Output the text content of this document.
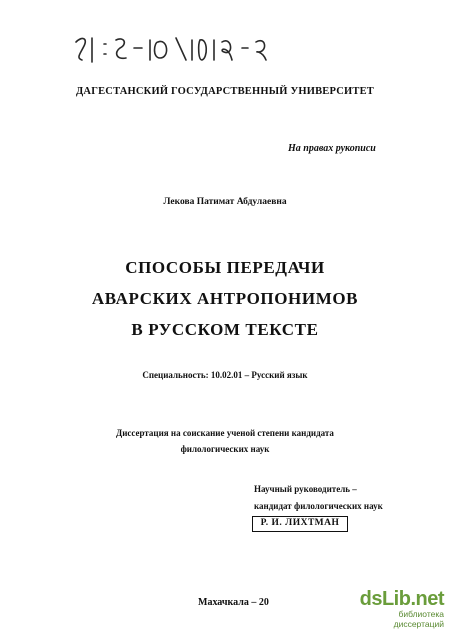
ДАГЕСТАНСКИЙ ГОСУДАРСТВЕННЫЙ УНИВЕРСИТЕТ
На правах рукописи
Лекова Патимат Абдулаевна
СПОСОБЫ ПЕРЕДАЧИ
АВАРСКИХ АНТРОПОНИМОВ
В РУССКОМ ТЕКСТЕ
Специальность: 10.02.01 – Русский язык
Диссертация на соискание ученой степени кандидата
филологических наук
Научный руководитель –
кандидат филологических наук
Р. И. ЛИХТМАН
Махачкала – 20	dsLib.net
библиотека диссертаций
